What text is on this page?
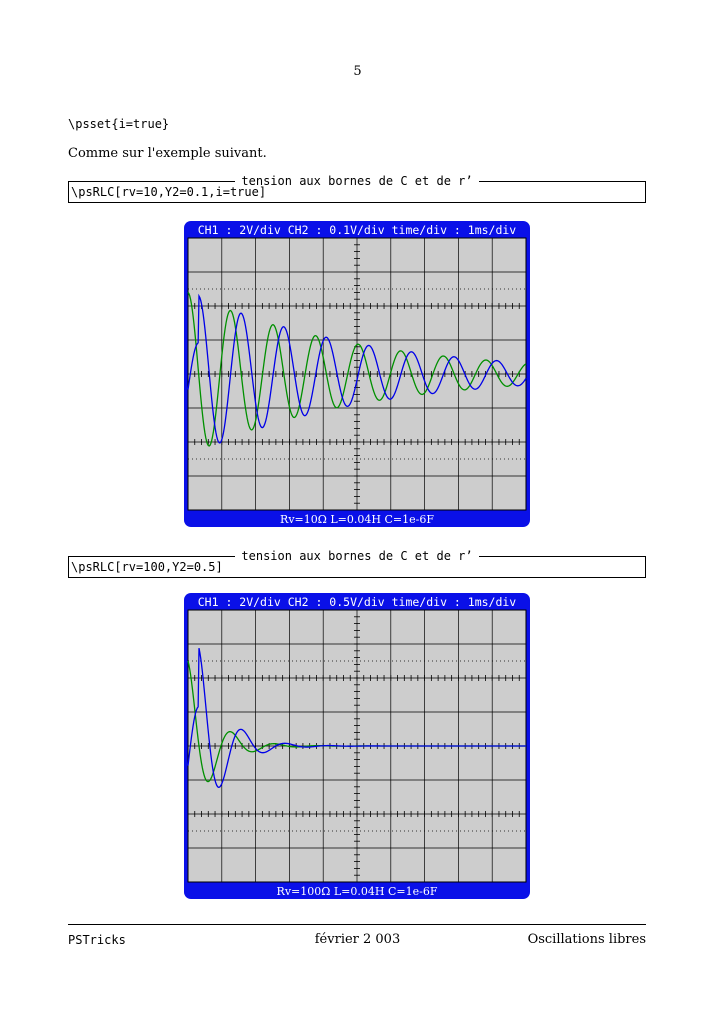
5
\psset{i=true}
Comme sur l'exemple suivant.
tension aux bornes de C et de r’
\psRLC[rv=10,Y2=0.1,i=true]
CH1 : 2V/div CH2 : 0.1V/div time/div : 1ms/div
Rv=10Ω L=0.04H C=1e-6F
tension aux bornes de C et de r’
\psRLC[rv=100,Y2=0.5]
CH1 : 2V/div CH2 : 0.5V/div time/div : 1ms/div
Rv=100Ω L=0.04H C=1e-6F
PSTricks	février 2 003	Oscillations libres
